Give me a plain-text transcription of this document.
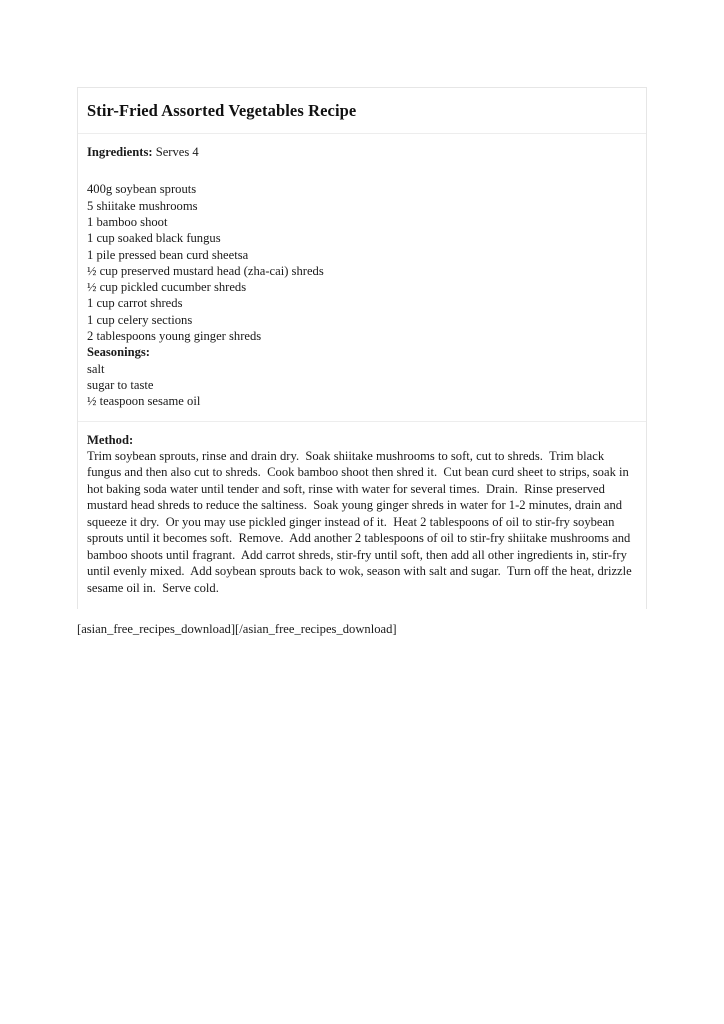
Stir-Fried Assorted Vegetables Recipe

Ingredients: Serves 4

400g soybean sprouts
5 shiitake mushrooms
1 bamboo shoot
1 cup soaked black fungus
1 pile pressed bean curd sheetsa
½ cup preserved mustard head (zha-cai) shreds
½ cup pickled cucumber shreds
1 cup carrot shreds
1 cup celery sections
2 tablespoons young ginger shreds
Seasonings:
salt
sugar to taste
½ teaspoon sesame oil

Method:

Trim soybean sprouts, rinse and drain dry.  Soak shiitake mushrooms to soft, cut to shreds.  Trim black fungus and then also cut to shreds.  Cook bamboo shoot then shred it.  Cut bean curd sheet to strips, soak in hot baking soda water until tender and soft, rinse with water for several times.  Drain.  Rinse preserved mustard head shreds to reduce the saltiness.  Soak young ginger shreds in water for 1-2 minutes, drain and squeeze it dry.  Or you may use pickled ginger instead of it.  Heat 2 tablespoons of oil to stir-fry soybean sprouts until it becomes soft.  Remove.  Add another 2 tablespoons of oil to stir-fry shiitake mushrooms and bamboo shoots until fragrant.  Add carrot shreds, stir-fry until soft, then add all other ingredients in, stir-fry until evenly mixed.  Add soybean sprouts back to wok, season with salt and sugar.  Turn off the heat, drizzle sesame oil in.  Serve cold.

[asian_free_recipes_download][/asian_free_recipes_download]
